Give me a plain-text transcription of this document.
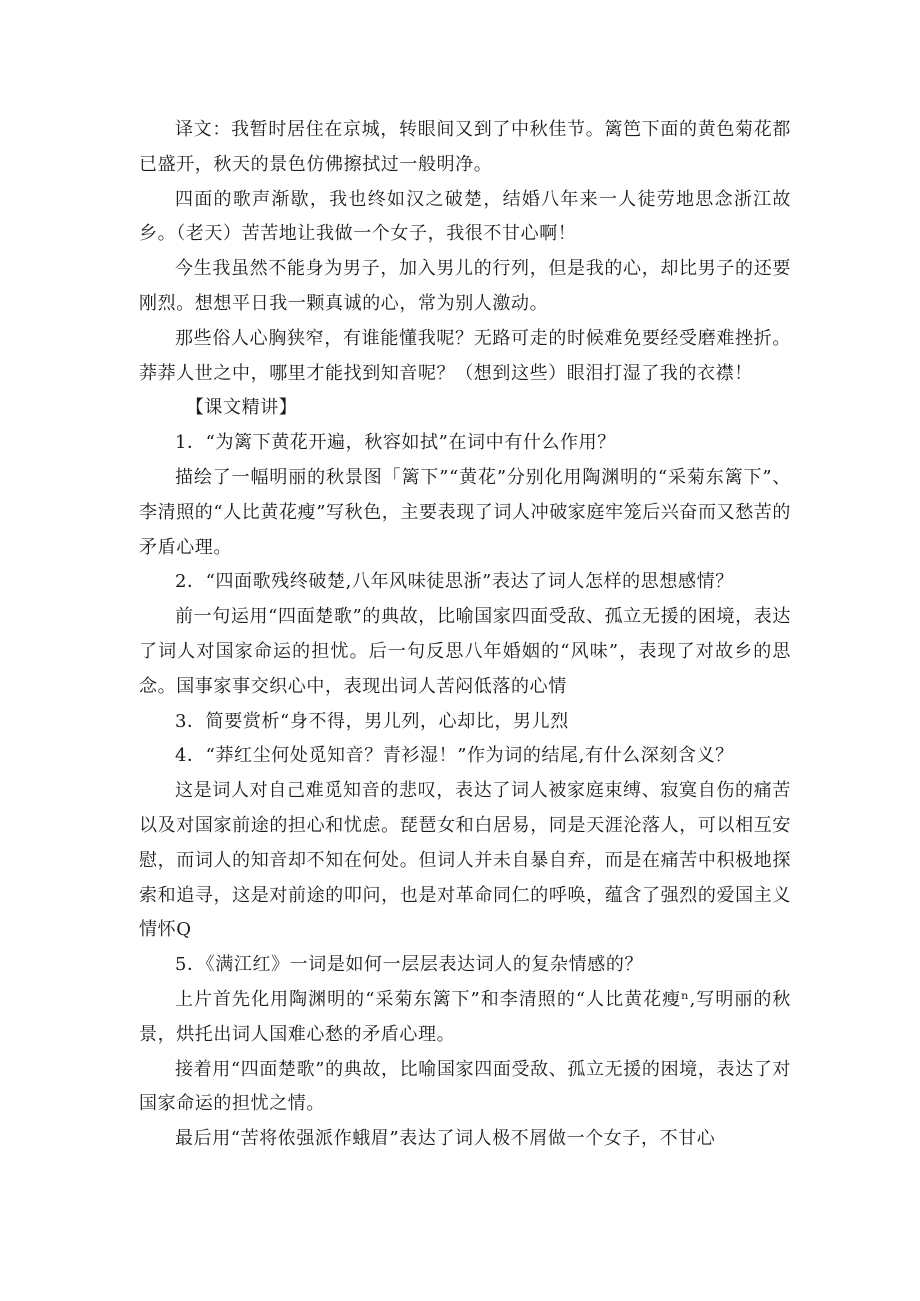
译文：我暂时居住在京城，转眼间又到了中秋佳节。篱笆下面的黄色菊花都已盛开，秋天的景色仿佛擦拭过一般明净。

四面的歌声渐歇，我也终如汉之破楚，结婚八年来一人徒劳地思念浙江故乡。（老天）苦苦地让我做一个女子，我很不甘心啊！

今生我虽然不能身为男子，加入男儿的行列，但是我的心，却比男子的还要刚烈。想想平日我一颗真诚的心，常为别人激动。

那些俗人心胸狭窄，有谁能懂我呢？无路可走的时候难免要经受磨难挫折。莽莽人世之中，哪里才能找到知音呢？（想到这些）眼泪打湿了我的衣襟！

【课文精讲】

1．“为篱下黄花开遍，秋容如拭”在词中有什么作用？

描绘了一幅明丽的秋景图「篱下”“黄花”分别化用陶渊明的“采菊东篱下”、李清照的“人比黄花瘦”写秋色，主要表现了词人冲破家庭牢笼后兴奋而又愁苦的矛盾心理。

2．“四面歌残终破楚,八年风味徒思浙”表达了词人怎样的思想感情？

前一句运用“四面楚歌”的典故，比喻国家四面受敌、孤立无援的困境，表达了词人对国家命运的担忧。后一句反思八年婚姻的“风味”，表现了对故乡的思念。国事家事交织心中，表现出词人苦闷低落的心情

3．简要赏析“身不得，男儿列，心却比，男儿烈

4．“莽红尘何处觅知音？青衫湿！”作为词的结尾,有什么深刻含义？

这是词人对自己难觅知音的悲叹，表达了词人被家庭束缚、寂寞自伤的痛苦以及对国家前途的担心和忧虑。琵琶女和白居易，同是天涯沦落人，可以相互安慰，而词人的知音却不知在何处。但词人并未自暴自弃，而是在痛苦中积极地探索和追寻，这是对前途的叩问，也是对革命同仁的呼唤，蕴含了强烈的爱国主义情怀Q

5．《满江红》一词是如何一层层表达词人的复杂情感的？

上片首先化用陶渊明的“采菊东篱下”和李清照的“人比黄花瘦ⁿ,写明丽的秋景，烘托出词人国难心愁的矛盾心理。

接着用“四面楚歌”的典故，比喻国家四面受敌、孤立无援的困境，表达了对国家命运的担忧之情。

最后用“苦将侬强派作蛾眉”表达了词人极不屑做一个女子，不甘心
